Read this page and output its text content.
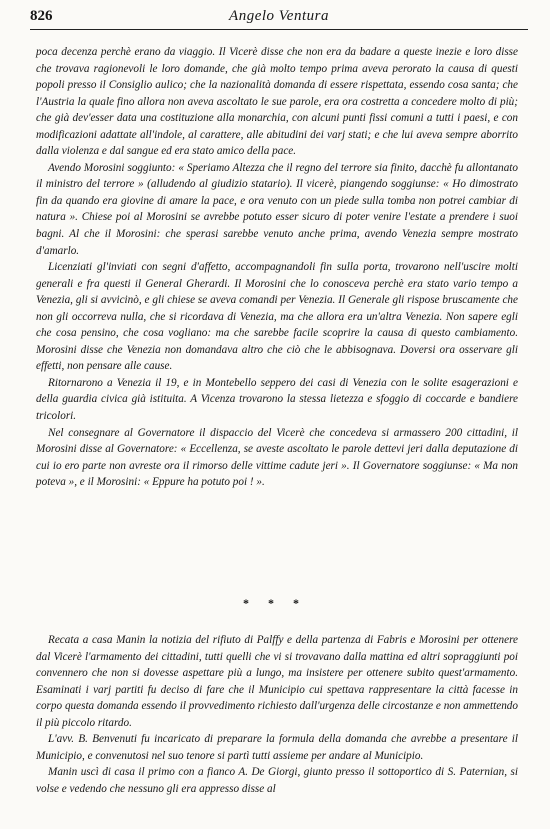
826	Angelo Ventura

poca decenza perchè erano da viaggio. Il Vicerè disse che non era da badare a queste inezie e loro disse che trovava ragionevoli le loro domande, che già molto tempo prima aveva perorato la causa di questi popoli presso il Consiglio aulico; che la nazionalità domanda di essere rispettata, essendo cosa santa; che l'Austria la quale fino allora non aveva ascoltato le sue parole, era ora costretta a concedere molto di più; che già dev'esser data una costituzione alla monarchia, con alcuni punti fissi comuni a tutti i paesi, e con modificazioni adattate all'indole, al carattere, alle abitudini dei varj stati; e che lui aveva sempre aborrito dalla violenza e dal sangue ed era stato amico della pace.

Avendo Morosini soggiunto: « Speriamo Altezza che il regno del terrore sia finito, dacchè fu allontanato il ministro del terrore » (alludendo al giudizio statario). Il vicerè, piangendo soggiunse: « Ho dimostrato fin da quando era giovine di amare la pace, e ora venuto con un piede sulla tomba non potrei cambiar di natura ». Chiese poi al Morosini se avrebbe potuto esser sicuro di poter venire l'estate a prendere i suoi bagni. Al che il Morosini: che sperasi sarebbe venuto anche prima, avendo Venezia sempre mostrato d'amarlo.

Licenziati gl'inviati con segni d'affetto, accompagnandoli fin sulla porta, trovarono nell'uscire molti generali e fra questi il General Gherardi. Il Morosini che lo conosceva perchè era stato vario tempo a Venezia, gli si avvicinò, e gli chiese se aveva comandi per Venezia. Il Generale gli rispose bruscamente che non gli occorreva nulla, che si ricordava di Venezia, ma che allora era un'altra Venezia. Non sapere egli che cosa pensino, che cosa vogliano: ma che sarebbe facile scoprire la causa di questo cambiamento. Morosini disse che Venezia non domandava altro che ciò che le abbisognava. Doversi ora osservare gli effetti, non pensare alle cause.

Ritornarono a Venezia il 19, e in Montebello seppero dei casi di Venezia con le solite esagerazioni e della guardia civica già istituita. A Vicenza trovarono la stessa lietezza e sfoggio di coccarde e bandiere tricolori.

Nel consegnare al Governatore il dispaccio del Vicerè che concedeva si armassero 200 cittadini, il Morosini disse al Governatore: « Eccellenza, se aveste ascoltato le parole dettevi jeri dalla deputazione di cui io ero parte non avreste ora il rimorso delle vittime cadute jeri ». Il Governatore soggiunse: « Ma non poteva », e il Morosini: « Eppure ha potuto poi ! ».

* * *

Recata a casa Manin la notizia del rifiuto di Palffy e della partenza di Fabris e Morosini per ottenere dal Vicerè l'armamento dei cittadini, tutti quelli che vi si trovavano dalla mattina ed altri sopraggiunti poi convennero che non si dovesse aspettare più a lungo, ma insistere per ottenere subito quest'armamento. Esaminati i varj partiti fu deciso di fare che il Municipio cui spettava rappresentare la città facesse in corpo questa domanda essendo il provvedimento richiesto dall'urgenza delle circostanze e non ammettendo il più piccolo ritardo.

L'avv. B. Benvenuti fu incaricato di preparare la formula della domanda che avrebbe a presentare il Municipio, e convenutosi nel suo tenore si partì tutti assieme per andare al Municipio.

Manin uscì di casa il primo con a fianco A. De Giorgi, giunto presso il sottoportico di S. Paternian, si volse e vedendo che nessuno gli era appresso disse al
